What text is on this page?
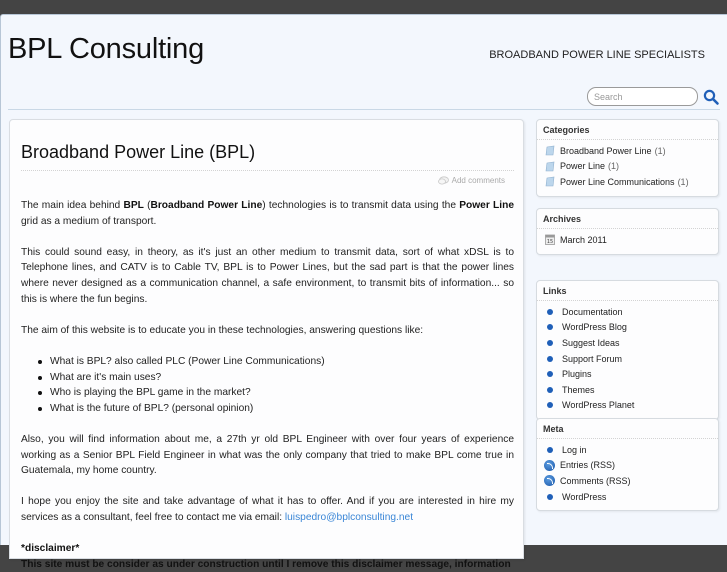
BPL Consulting	BROADBAND POWER LINE SPECIALISTS
Search
Broadband Power Line (BPL)
Add comments

The main idea behind BPL (Broadband Power Line) technologies is to transmit data using the Power Line grid as a medium of transport.

This could sound easy, in theory, as it's just an other medium to transmit data, sort of what xDSL is to Telephone lines, and CATV is to Cable TV, BPL is to Power Lines, but the sad part is that the power lines where never designed as a communication channel, a safe environment, to transmit bits of information... so this is where the fun begins.

The aim of this website is to educate you in these technologies, answering questions like:

What is BPL? also called PLC (Power Line Communications)
What are it's main uses?
Who is playing the BPL game in the market?
What is the future of BPL? (personal opinion)

Also, you will find information about me, a 27th yr old BPL Engineer with over four years of experience working as a Senior BPL Field Engineer in what was the only company that tried to make BPL come true in Guatemala, my home country.

I hope you enjoy the site and take advantage of what it has to offer. And if you are interested in hire my services as a consultant, feel free to contact me via email: luispedro@bplconsulting.net

*disclaimer*
This site must be consider as under construction until I remove this disclaimer message, information
Categories
Broadband Power Line (1)
Power Line (1)
Power Line Communications (1)
Archives
15 March 2011
Links
Documentation
WordPress Blog
Suggest Ideas
Support Forum
Plugins
Themes
WordPress Planet
Meta
Log in
Entries (RSS)
Comments (RSS)
WordPress
